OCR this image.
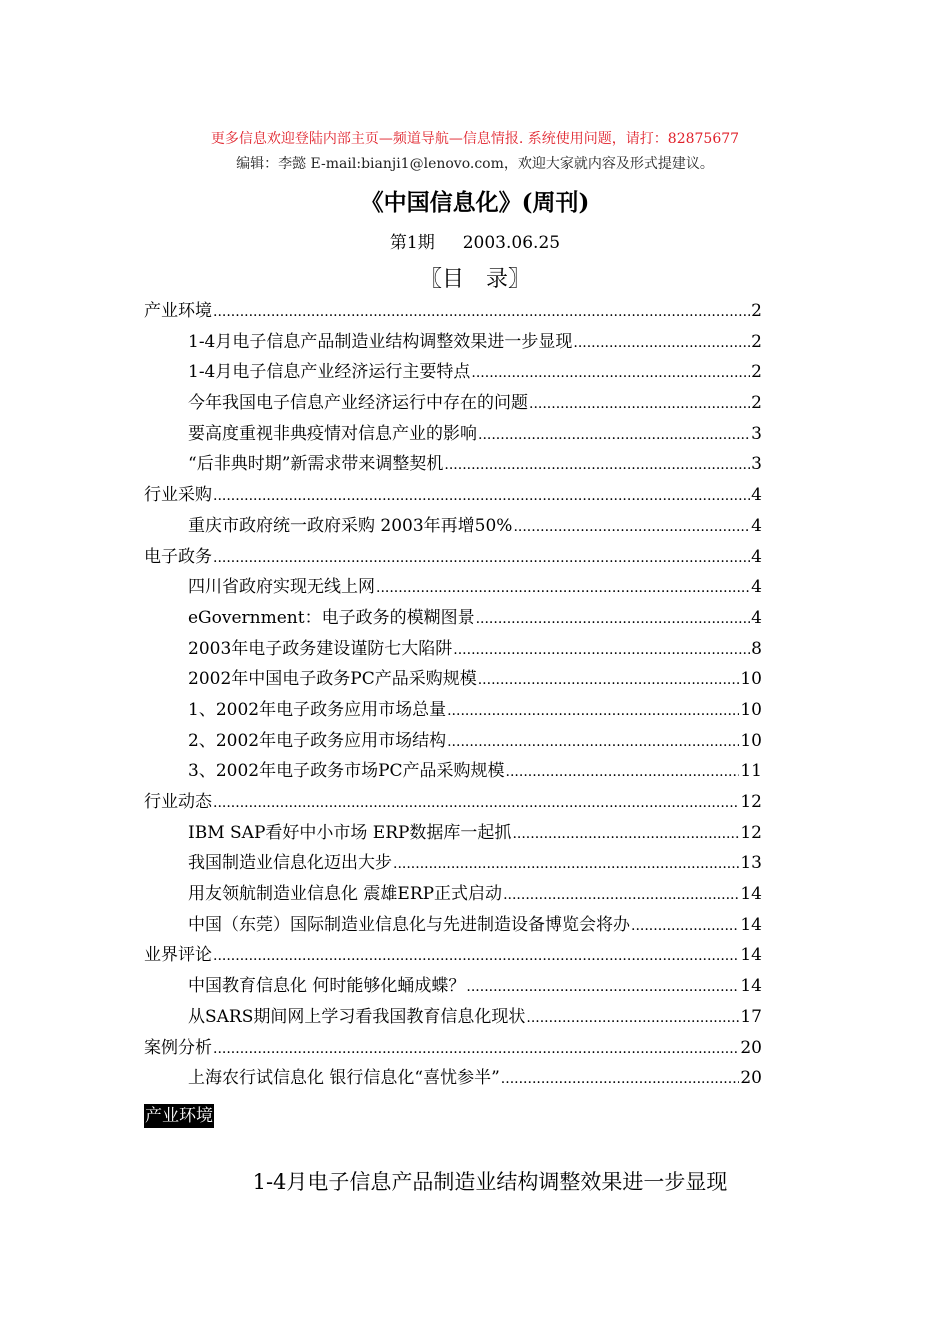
更多信息欢迎登陆内部主页—频道导航—信息情报. 系统使用问题，请打：82875677
编辑：李懿 E-mail:bianji1@lenovo.com，欢迎大家就内容及形式提建议。
《中国信息化》(周刊)
第1期 2003.06.25
〖目　录〗
产业环境 .....	2
1-4月电子信息产品制造业结构调整效果进一步显现 .....	2
1-4月电子信息产业经济运行主要特点 .....	2
今年我国电子信息产业经济运行中存在的问题 .....	2
要高度重视非典疫情对信息产业的影响 .....	3
“后非典时期”新需求带来调整契机 .....	3
行业采购 .....	4
重庆市政府统一政府采购 2003年再增50% .....	4
电子政务 .....	4
四川省政府实现无线上网 .....	4
eGovernment：电子政务的模糊图景 .....	4
2003年电子政务建设谨防七大陷阱 .....	8
2002年中国电子政务PC产品采购规模 .....	10
1、2002年电子政务应用市场总量 .....	10
2、2002年电子政务应用市场结构 .....	10
3、2002年电子政务市场PC产品采购规模 .....	11
行业动态 .....	12
IBM SAP看好中小市场 ERP数据库一起抓 .....	12
我国制造业信息化迈出大步 .....	13
用友领航制造业信息化 震雄ERP正式启动 .....	14
中国（东莞）国际制造业信息化与先进制造设备博览会将办 .....	14
业界评论 .....	14
中国教育信息化 何时能够化蛹成蝶？ .....	14
从SARS期间网上学习看我国教育信息化现状 .....	17
案例分析 .....	20
上海农行试信息化 银行信息化“喜忧参半” .....	20
产业环境
1-4月电子信息产品制造业结构调整效果进一步显现
